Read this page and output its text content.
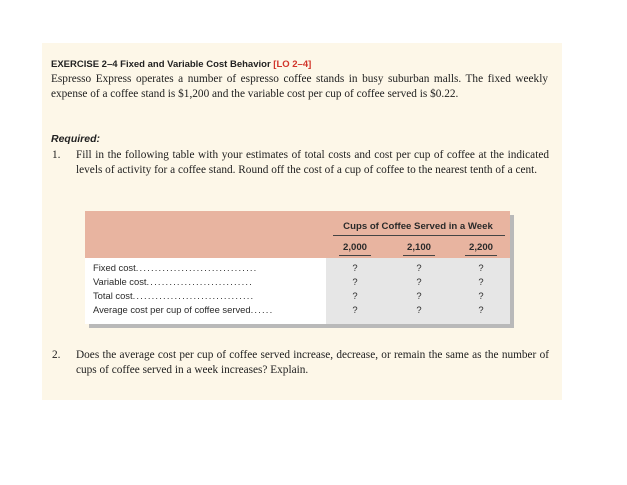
EXERCISE 2–4 Fixed and Variable Cost Behavior [LO 2–4]
Espresso Express operates a number of espresso coffee stands in busy suburban malls. The fixed weekly expense of a coffee stand is $1,200 and the variable cost per cup of coffee served is $0.22.
Required:
1. Fill in the following table with your estimates of total costs and cost per cup of coffee at the indicated levels of activity for a coffee stand. Round off the cost of a cup of coffee to the nearest tenth of a cent.
Cups of Coffee Served in a Week
2,000	2,100	2,200
Fixed cost................................	?	?	?
Variable cost............................	?	?	?
Total cost................................	?	?	?
Average cost per cup of coffee served......	?	?	?
2. Does the average cost per cup of coffee served increase, decrease, or remain the same as the number of cups of coffee served in a week increases? Explain.
